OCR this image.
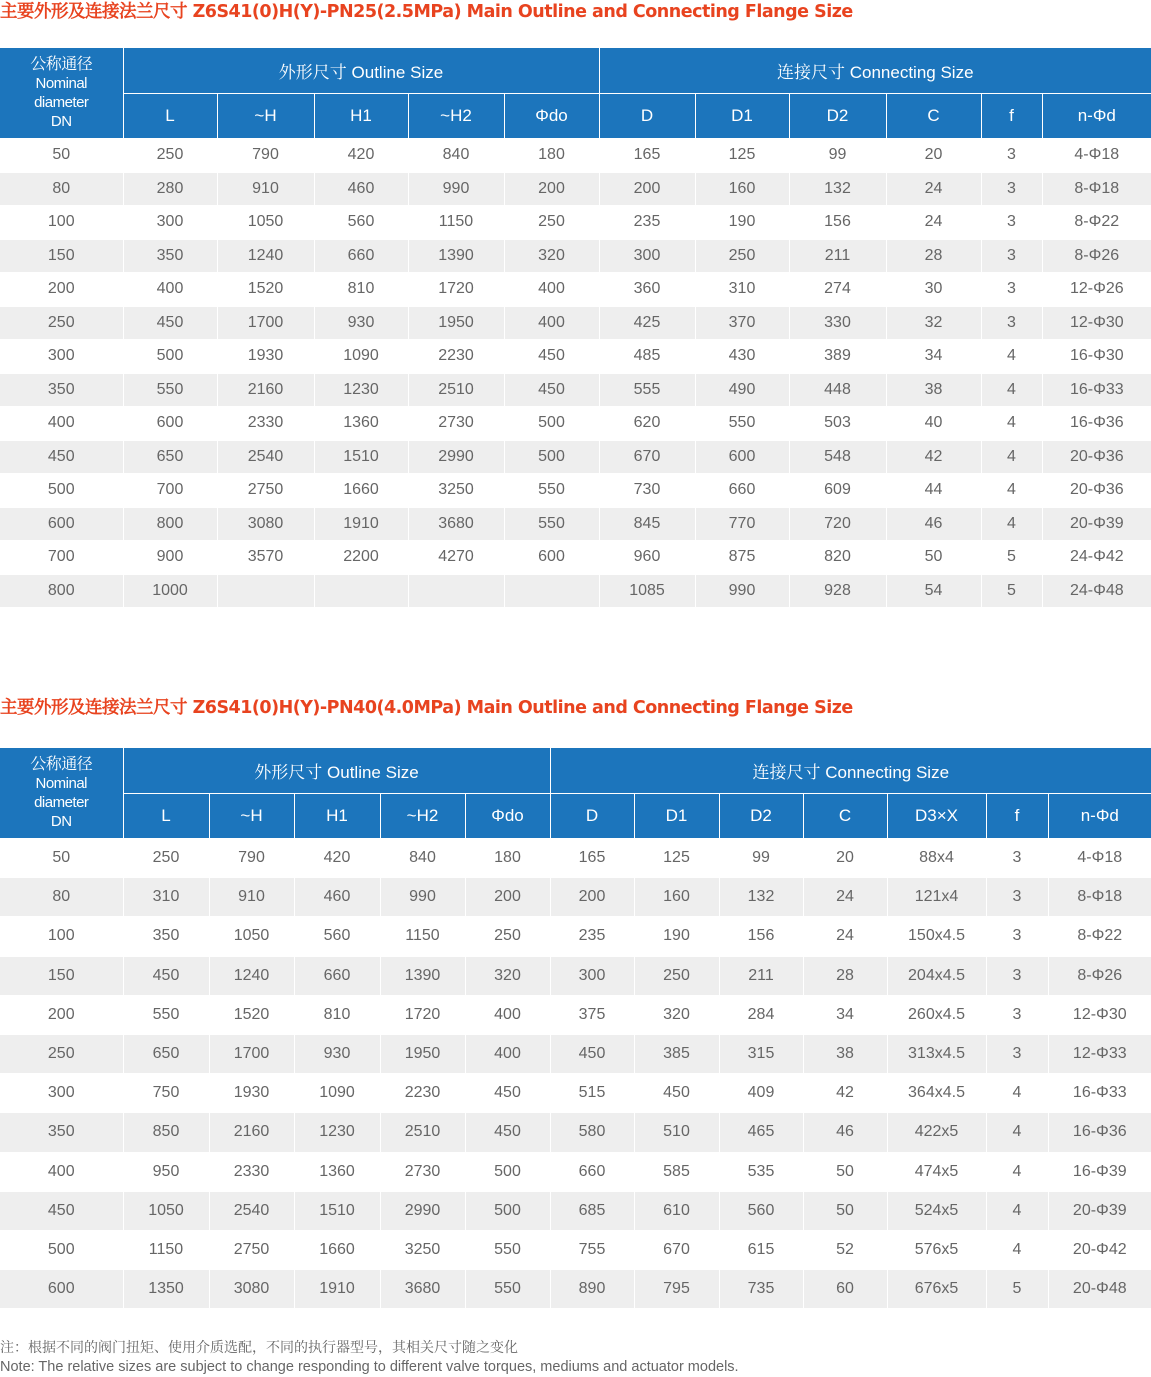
主要外形及连接法兰尺寸 Z6S41(0)H(Y)-PN25(2.5MPa) Main Outline and Connecting Flange Size
公称通径
Nominal
diameter
DN	外形尺寸 Outline Size					连接尺寸 Connecting Size					
	L	~H	H1	~H2	Φdo	D	D1	D2	C	f	n-Φd
50	250	790	420	840	180	165	125	99	20	3	4-Φ18
80	280	910	460	990	200	200	160	132	24	3	8-Φ18
100	300	1050	560	1150	250	235	190	156	24	3	8-Φ22
150	350	1240	660	1390	320	300	250	211	28	3	8-Φ26
200	400	1520	810	1720	400	360	310	274	30	3	12-Φ26
250	450	1700	930	1950	400	425	370	330	32	3	12-Φ30
300	500	1930	1090	2230	450	485	430	389	34	4	16-Φ30
350	550	2160	1230	2510	450	555	490	448	38	4	16-Φ33
400	600	2330	1360	2730	500	620	550	503	40	4	16-Φ36
450	650	2540	1510	2990	500	670	600	548	42	4	20-Φ36
500	700	2750	1660	3250	550	730	660	609	44	4	20-Φ36
600	800	3080	1910	3680	550	845	770	720	46	4	20-Φ39
700	900	3570	2200	4270	600	960	875	820	50	5	24-Φ42
800	1000					1085	990	928	54	5	24-Φ48
主要外形及连接法兰尺寸 Z6S41(0)H(Y)-PN40(4.0MPa) Main Outline and Connecting Flange Size
公称通径
Nominal
diameter
DN	外形尺寸 Outline Size					连接尺寸 Connecting Size						
	L	~H	H1	~H2	Φdo	D	D1	D2	C	D3×X	f	n-Φd
50	250	790	420	840	180	165	125	99	20	88x4	3	4-Φ18
80	310	910	460	990	200	200	160	132	24	121x4	3	8-Φ18
100	350	1050	560	1150	250	235	190	156	24	150x4.5	3	8-Φ22
150	450	1240	660	1390	320	300	250	211	28	204x4.5	3	8-Φ26
200	550	1520	810	1720	400	375	320	284	34	260x4.5	3	12-Φ30
250	650	1700	930	1950	400	450	385	315	38	313x4.5	3	12-Φ33
300	750	1930	1090	2230	450	515	450	409	42	364x4.5	4	16-Φ33
350	850	2160	1230	2510	450	580	510	465	46	422x5	4	16-Φ36
400	950	2330	1360	2730	500	660	585	535	50	474x5	4	16-Φ39
450	1050	2540	1510	2990	500	685	610	560	50	524x5	4	20-Φ39
500	1150	2750	1660	3250	550	755	670	615	52	576x5	4	20-Φ42
600	1350	3080	1910	3680	550	890	795	735	60	676x5	5	20-Φ48

注：根据不同的阀门扭矩、使用介质选配，不同的执行器型号，其相关尺寸随之变化

Note: The relative sizes are subject to change responding to different valve torques, mediums and actuator models.
